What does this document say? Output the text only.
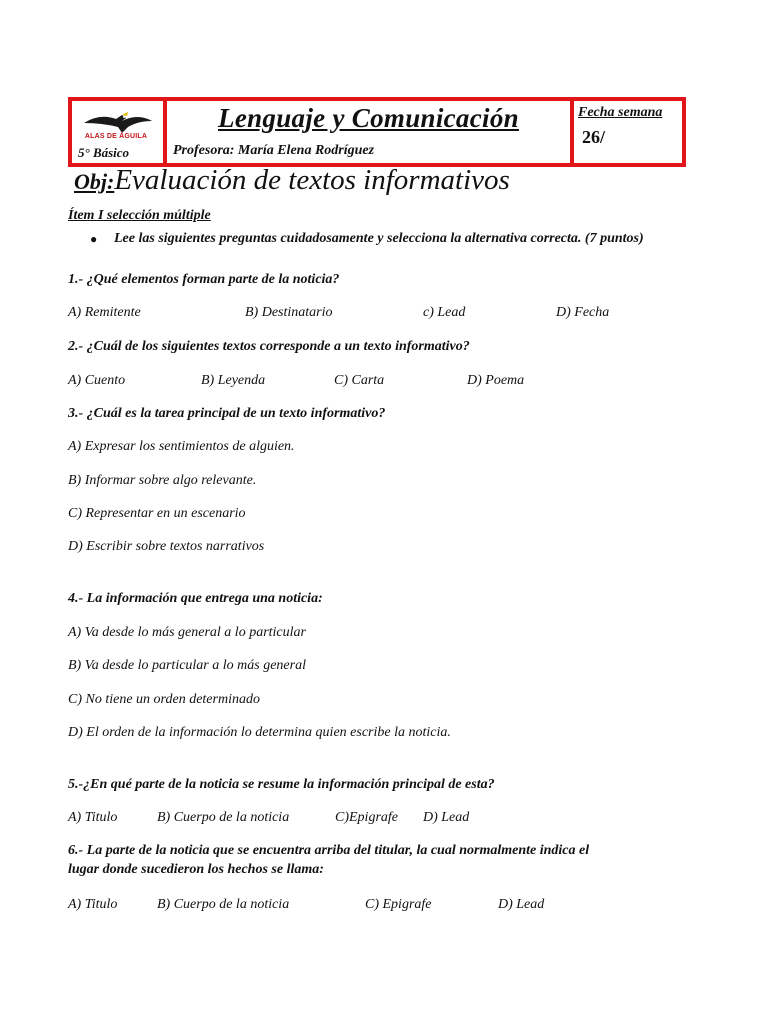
ALAS DE ÁGUILA
5° Básico
Lenguaje y Comunicación
Profesora: María Elena Rodríguez
Fecha semana
26/
Obj:Evaluación de textos informativos
Ítem I selección múltiple
● Lee las siguientes preguntas cuidadosamente y selecciona la alternativa correcta. (7 puntos)
1.- ¿Qué elementos forman parte de la noticia?
A) Remitente	B) Destinatario	c) Lead	D) Fecha
2.- ¿Cuál de los siguientes textos corresponde a un texto informativo?
A) Cuento	B) Leyenda	C) Carta	D) Poema
3.- ¿Cuál es la tarea principal de un texto informativo?
A) Expresar los sentimientos de alguien.
B) Informar sobre algo relevante.
C) Representar en un escenario
D) Escribir sobre textos narrativos
4.- La información que entrega una noticia:
A) Va desde lo más general a lo particular
B) Va desde lo particular a lo más general
C) No tiene un orden determinado
D) El orden de la información lo determina quien escribe la noticia.
5.-¿En qué parte de la noticia se resume la información principal de esta?
A) Titulo	B) Cuerpo de la noticia	C)Epigrafe D) Lead
6.- La parte de la noticia que se encuentra arriba del titular, la cual normalmente indica el
lugar donde sucedieron los hechos se llama:
A) Titulo	B) Cuerpo de la noticia	C) Epigrafe	D) Lead
